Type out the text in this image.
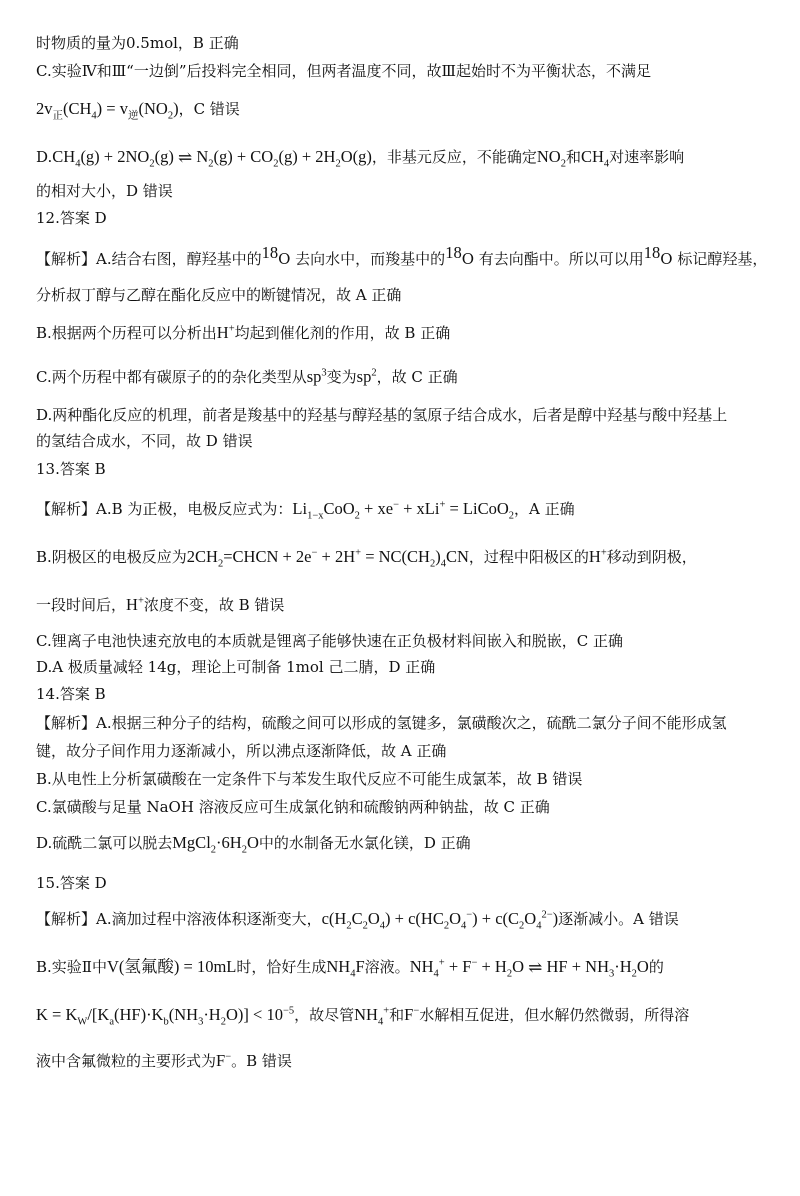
时物质的量为0.5mol，B 正确
C.实验Ⅳ和Ⅲ“一边倒”后投料完全相同，但两者温度不同，故Ⅲ起始时不为平衡状态，不满足
$2v_正(CH_4) = v_逆(NO_2)$，C 错误
$D.CH_4(g) + 2NO_2(g)$ ⇌ $N_2(g) + CO_2(g) + 2H_2O(g)$，非基元反应，不能确定$NO_2$和$CH_4$对速率影响
的相对大小，D 错误
12.答案 D
【解析】A.结合右图，醇羟基中的$^{18}$O 去向水中，而羧基中的$^{18}$O 有去向酯中。所以可以用$^{18}$O 标记醇羟基，
分析叔丁醇与乙醇在酯化反应中的断键情况，故 A 正确
B.根据两个历程可以分析出H+均起到催化剂的作用，故 B 正确
C.两个历程中都有碳原子的的杂化类型从$sp^3$变为$sp^2$，故 C 正确
D.两种酯化反应的机理，前者是羧基中的羟基与醇羟基的氢原子结合成水，后者是醇中羟基与酸中羟基上
的氢结合成水，不同，故 D 错误
13.答案 B
【解析】A.B 为正极，电极反应式为：$Li_{1-x}CoO_2 + xe^- + xLi^+$ = LiCoO$_2$，A 正确
B.阴极区的电极反应为$2CH_2=CHCN + 2e^- + 2H^+ = NC(CH_2)_4CN$，过程中阳极区的H+移动到阴极，
一段时间后，H+浓度不变，故 B 错误
C.锂离子电池快速充放电的本质就是锂离子能够快速在正负极材料间嵌入和脱嵌，C 正确
D.A 极质量减轻 14g，理论上可制备 1mol 己二腈，D 正确
14.答案 B
【解析】A.根据三种分子的结构，硫酸之间可以形成的氢键多，氯磺酸次之，硫酰二氯分子间不能形成氢
键，故分子间作用力逐渐减小，所以沸点逐渐降低，故 A 正确
B.从电性上分析氯磺酸在一定条件下与苯发生取代反应不可能生成氯苯，故 B 错误
C.氯磺酸与足量 NaOH 溶液反应可生成氯化钠和硫酸钠两种钠盐，故 C 正确
D.硫酰二氯可以脱去$MgCl_2\cdot 6H_2O$中的水制备无水氯化镁，D 正确
15.答案 D
【解析】A.滴加过程中溶液体积逐渐变大，$c(H_2C_2O_4) + c(HC_2O_4^-) + c(C_2O_4^{2-})$逐渐减小。A 错误
B.实验Ⅱ中V(氢氟酸) = 10mL时，恰好生成$NH_4F$溶液。$NH_4^+ + F^- + H_2O$ ⇌ HF + $NH_3\cdot H_2O$的
$K = K_W/[K_a(HF)\cdot K_b(NH_3\cdot H_2O)] < 10^{-5}$，故尽管$NH_4^+$和F−水解相互促进，但水解仍然微弱，所得溶
液中含氟微粒的主要形式为F−。B 错误
